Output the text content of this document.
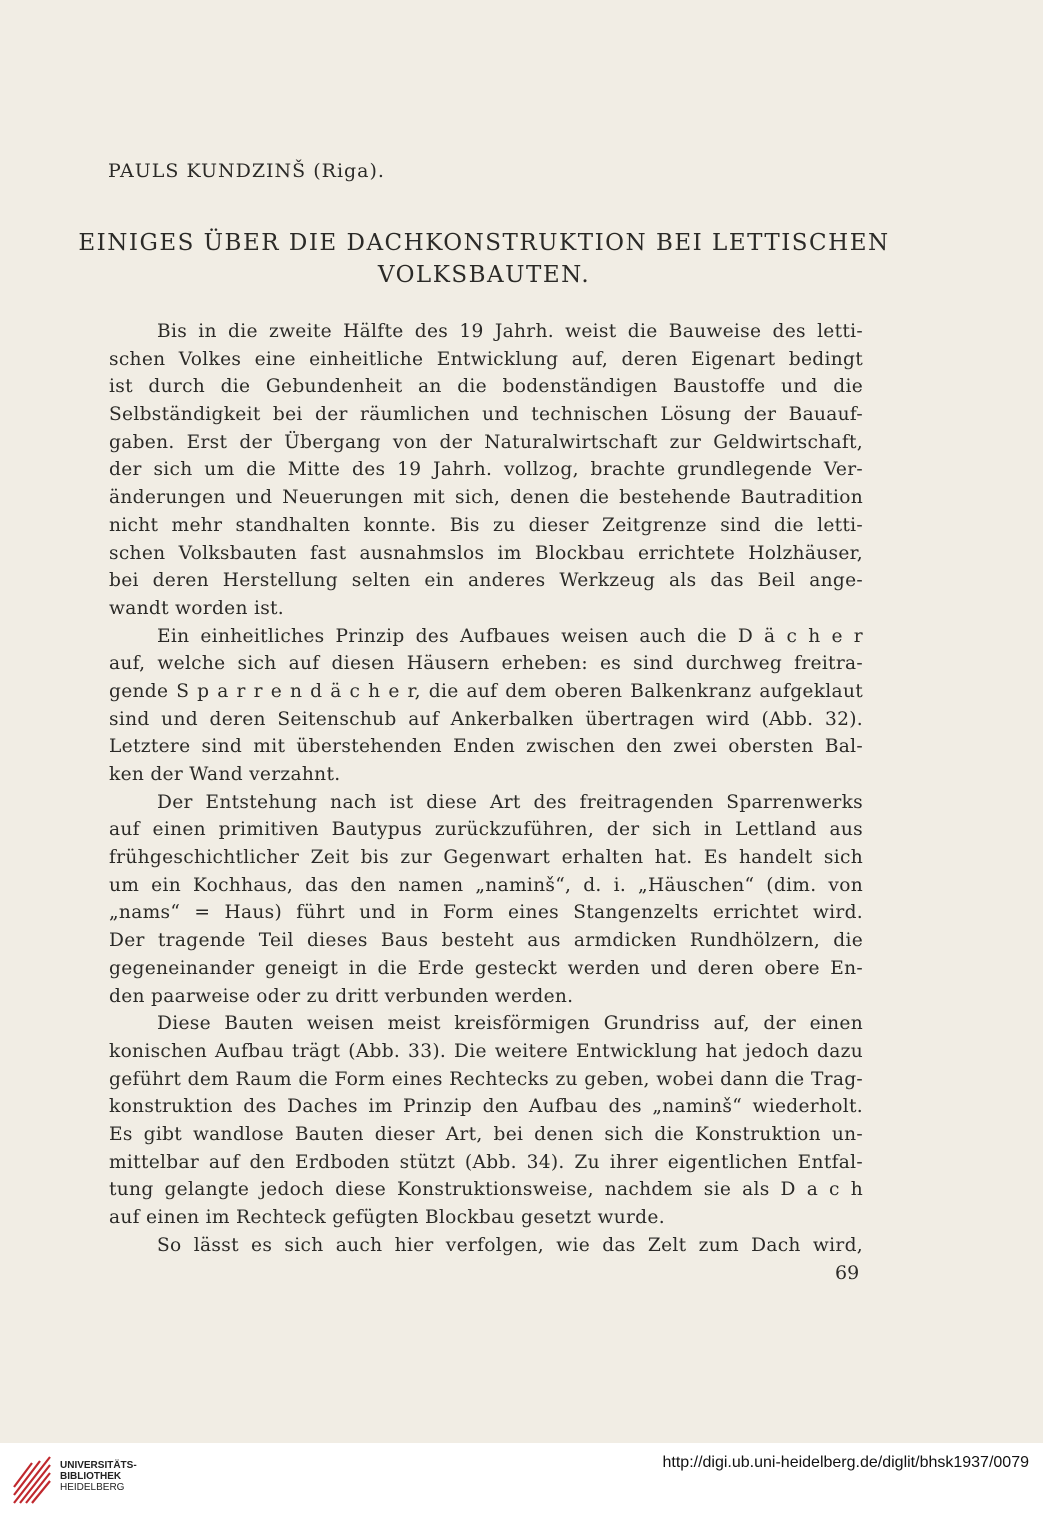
PAULS KUNDZINŠ (Riga).
EINIGES ÜBER DIE DACHKONSTRUKTION BEI LETTISCHEN
VOLKSBAUTEN.
Bis in die zweite Hälfte des 19 Jahrh. weist die Bauweise des letti-
schen Volkes eine einheitliche Entwicklung auf, deren Eigenart bedingt
ist durch die Gebundenheit an die bodenständigen Baustoffe und die
Selbständigkeit bei der räumlichen und technischen Lösung der Bauauf-
gaben. Erst der Übergang von der Naturalwirtschaft zur Geldwirtschaft,
der sich um die Mitte des 19 Jahrh. vollzog, brachte grundlegende Ver-
änderungen und Neuerungen mit sich, denen die bestehende Bautradition
nicht mehr standhalten konnte. Bis zu dieser Zeitgrenze sind die letti-
schen Volksbauten fast ausnahmslos im Blockbau errichtete Holzhäuser,
bei deren Herstellung selten ein anderes Werkzeug als das Beil ange-
wandt worden ist.
Ein einheitliches Prinzip des Aufbaues weisen auch die D ä c h e r
auf, welche sich auf diesen Häusern erheben: es sind durchweg freitra-
gende S p a r r e n d ä c h e r, die auf dem oberen Balkenkranz aufgeklaut
sind und deren Seitenschub auf Ankerbalken übertragen wird (Abb. 32).
Letztere sind mit überstehenden Enden zwischen den zwei obersten Bal-
ken der Wand verzahnt.
Der Entstehung nach ist diese Art des freitragenden Sparrenwerks
auf einen primitiven Bautypus zurückzuführen, der sich in Lettland aus
frühgeschichtlicher Zeit bis zur Gegenwart erhalten hat. Es handelt sich
um ein Kochhaus, das den namen „naminš“, d. i. „Häuschen“ (dim. von
„nams“ = Haus) führt und in Form eines Stangenzelts errichtet wird.
Der tragende Teil dieses Baus besteht aus armdicken Rundhölzern, die
gegeneinander geneigt in die Erde gesteckt werden und deren obere En-
den paarweise oder zu dritt verbunden werden.
Diese Bauten weisen meist kreisförmigen Grundriss auf, der einen
konischen Aufbau trägt (Abb. 33). Die weitere Entwicklung hat jedoch dazu
geführt dem Raum die Form eines Rechtecks zu geben, wobei dann die Trag-
konstruktion des Daches im Prinzip den Aufbau des „naminš“ wiederholt.
Es gibt wandlose Bauten dieser Art, bei denen sich die Konstruktion un-
mittelbar auf den Erdboden stützt (Abb. 34). Zu ihrer eigentlichen Entfal-
tung gelangte jedoch diese Konstruktionsweise, nachdem sie als D a c h
auf einen im Rechteck gefügten Blockbau gesetzt wurde.
So lässt es sich auch hier verfolgen, wie das Zelt zum Dach wird,
69
UNIVERSITÄTS-
BIBLIOTHEK
HEIDELBERG
http://digi.ub.uni-heidelberg.de/diglit/bhsk1937/0079
